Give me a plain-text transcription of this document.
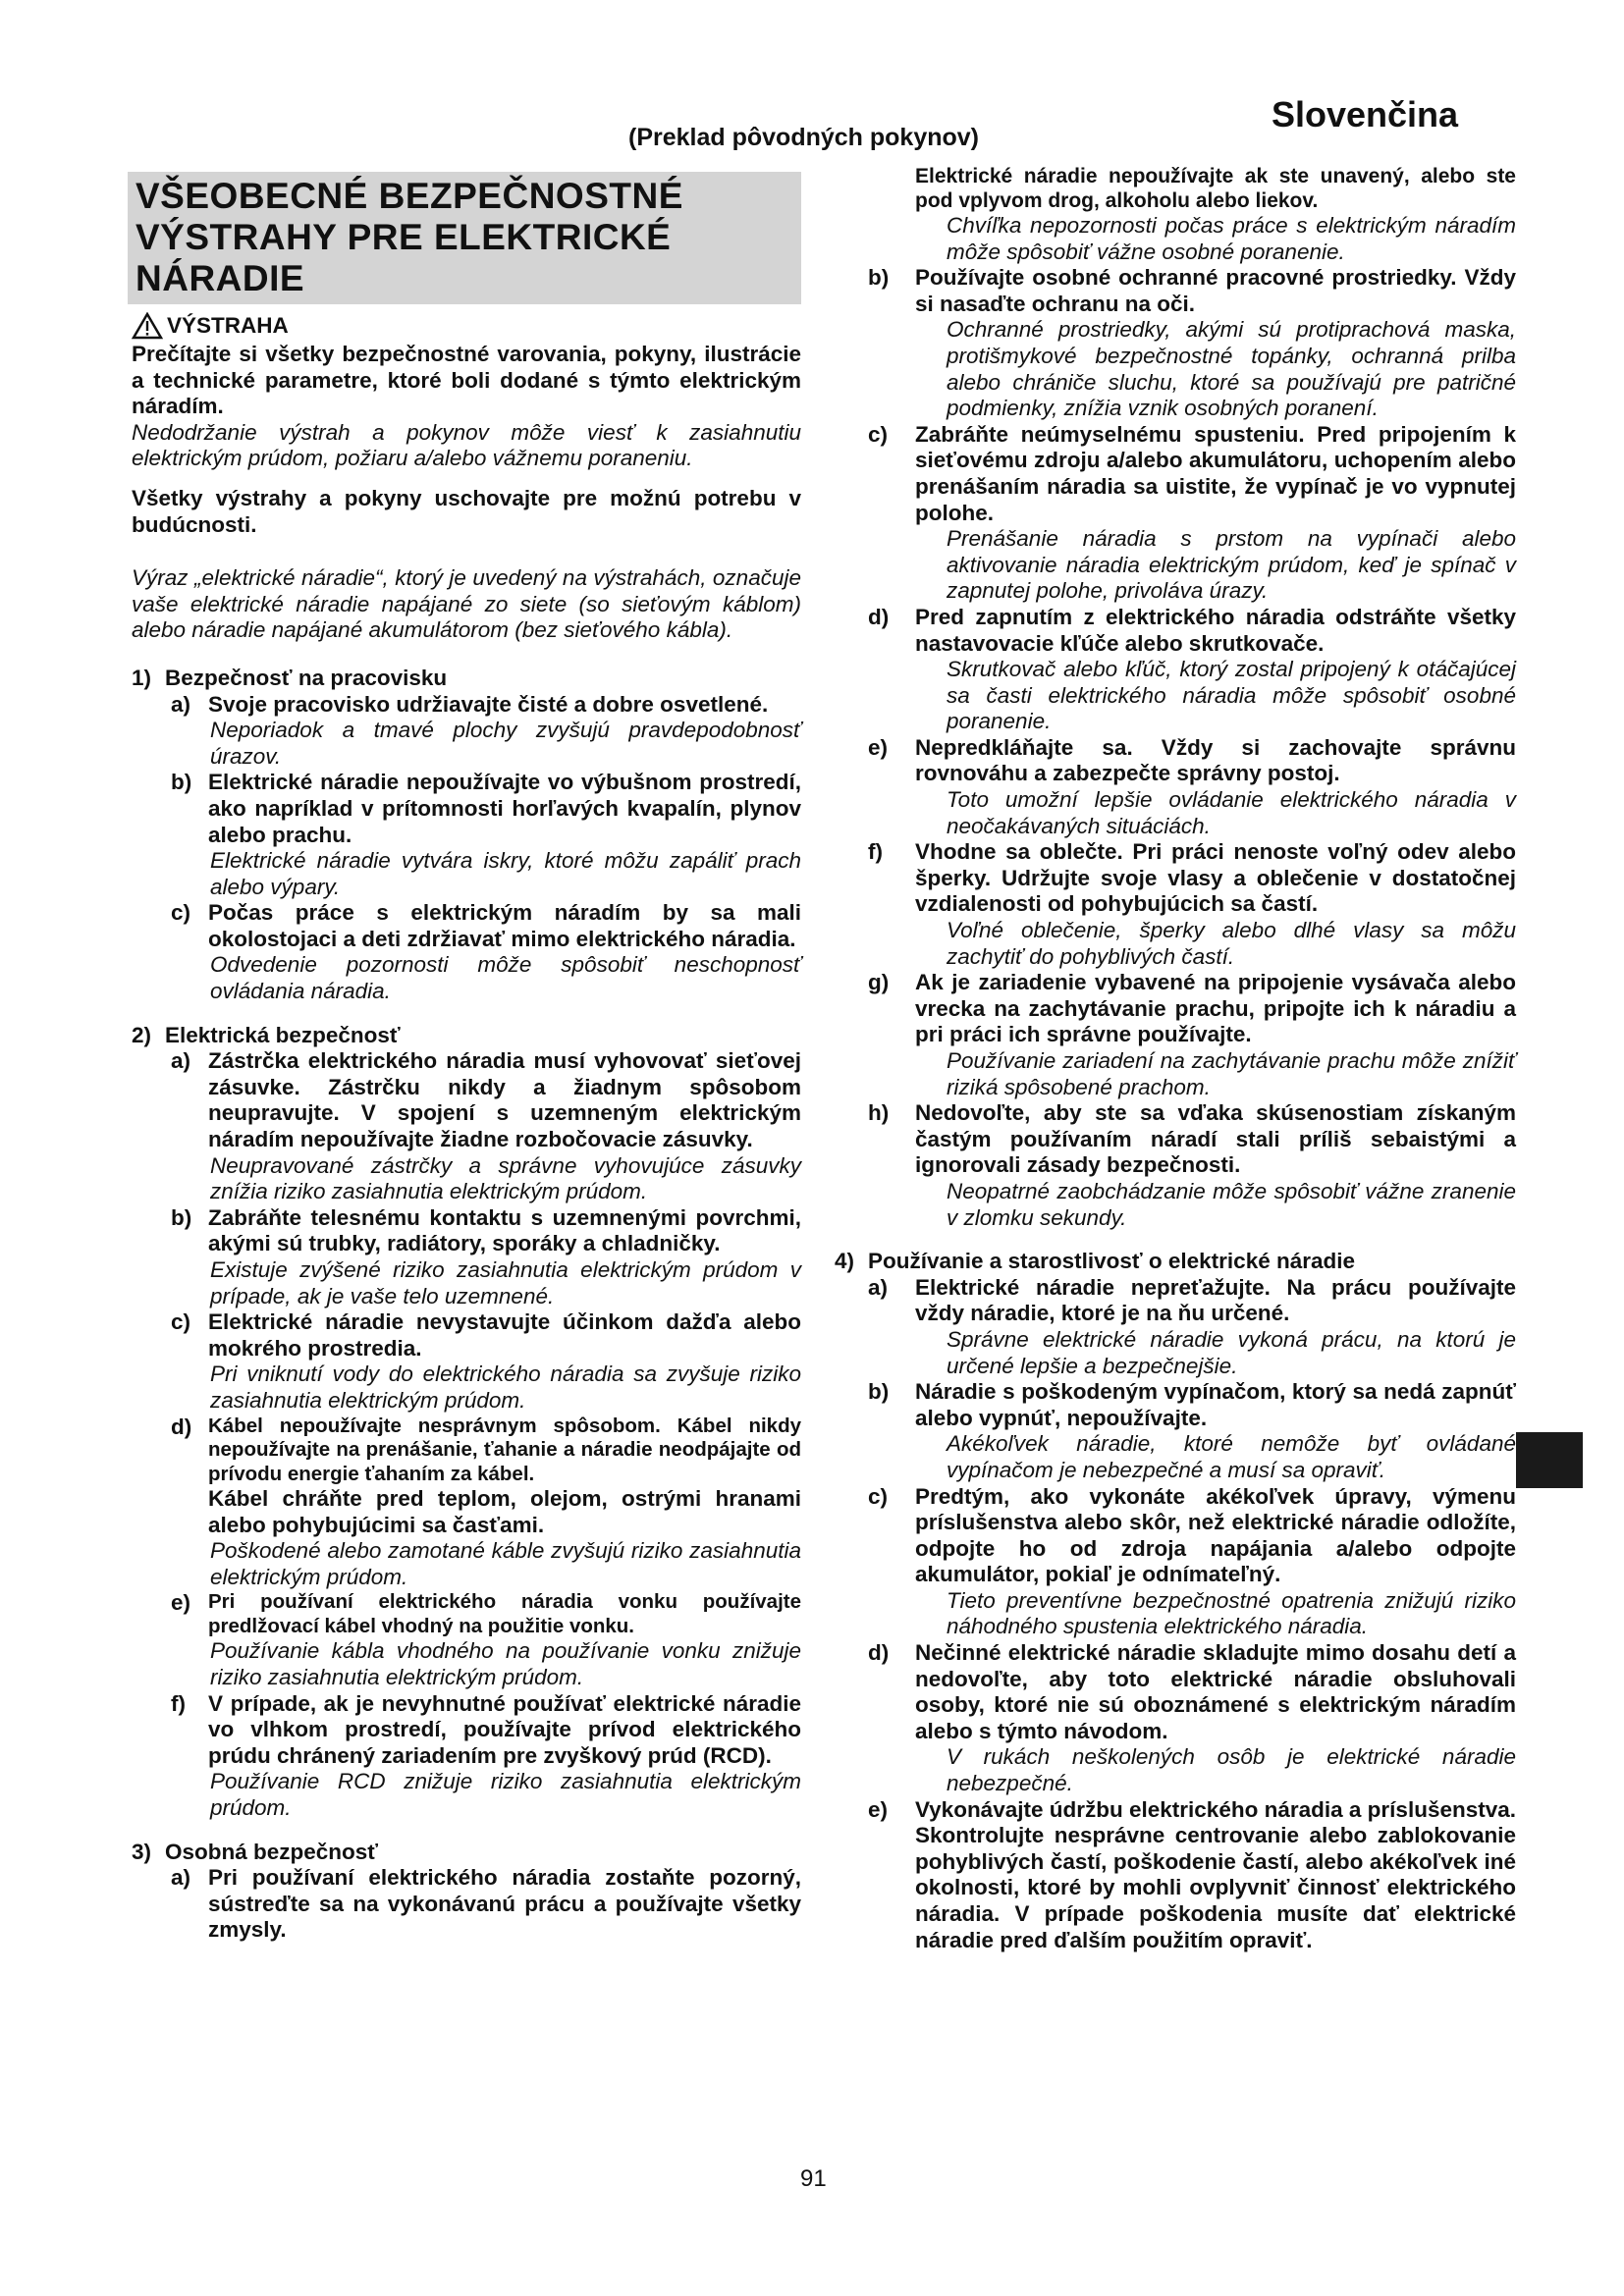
Slovenčina
(Preklad pôvodných pokynov)
VŠEOBECNÉ BEZPEČNOSTNÉ VÝSTRAHY PRE ELEKTRICKÉ NÁRADIE
VÝSTRAHA

Prečítajte si všetky bezpečnostné varovania, pokyny, ilustrácie a technické parametre, ktoré boli dodané s týmto elektrickým náradím.

Nedodržanie výstrah a pokynov môže viesť k zasiahnutiu elektrickým prúdom, požiaru a/alebo vážnemu poraneniu.

Všetky výstrahy a pokyny uschovajte pre možnú potrebu v budúcnosti.

Výraz „elektrické náradie“, ktorý je uvedený na výstrahách, označuje vaše elektrické náradie napájané zo siete (so sieťovým káblom) alebo náradie napájané akumulátorom (bez sieťového kábla).

1) Bezpečnosť na pracovisku
a) Svoje pracovisko udržiavajte čisté a dobre osvetlené.

Neporiadok a tmavé plochy zvyšujú pravdepodobnosť úrazov.

b) Elektrické náradie nepoužívajte vo výbušnom prostredí, ako napríklad v prítomnosti horľavých kvapalín, plynov alebo prachu.

Elektrické náradie vytvára iskry, ktoré môžu zapáliť prach alebo výpary.

c) Počas práce s elektrickým náradím by sa mali okolostojaci a deti zdržiavať mimo elektrického náradia.

Odvedenie pozornosti môže spôsobiť neschopnosť ovládania náradia.

2) Elektrická bezpečnosť
a) Zástrčka elektrického náradia musí vyhovovať sieťovej zásuvke. Zástrčku nikdy a žiadnym spôsobom neupravujte. V spojení s uzemneným elektrickým náradím nepoužívajte žiadne rozbočovacie zásuvky.

Neupravované zástrčky a správne vyhovujúce zásuvky znížia riziko zasiahnutia elektrickým prúdom.

b) Zabráňte telesnému kontaktu s uzemnenými povrchmi, akými sú trubky, radiátory, sporáky a chladničky.

Existuje zvýšené riziko zasiahnutia elektrickým prúdom v prípade, ak je vaše telo uzemnené.

c) Elektrické náradie nevystavujte účinkom dažďa alebo mokrého prostredia.

Pri vniknutí vody do elektrického náradia sa zvyšuje riziko zasiahnutia elektrickým prúdom.

d) Kábel nepoužívajte nesprávnym spôsobom. Kábel nikdy nepoužívajte na prenášanie, ťahanie a náradie neodpájajte od prívodu energie ťahaním za kábel.

Kábel chráňte pred teplom, olejom, ostrými hranami alebo pohybujúcimi sa časťami.

Poškodené alebo zamotané káble zvyšujú riziko zasiahnutia elektrickým prúdom.

e) Pri používaní elektrického náradia vonku používajte predlžovací kábel vhodný na použitie vonku.

Používanie kábla vhodného na používanie vonku znižuje riziko zasiahnutia elektrickým prúdom.

f)	V prípade, ak je nevyhnutné používať elektrické náradie vo vlhkom prostredí, používajte prívod elektrického prúdu chránený zariadením pre zvyškový prúd (RCD).

Používanie RCD znižuje riziko zasiahnutia elektrickým prúdom.

3) Osobná bezpečnosť
a) Pri používaní elektrického náradia zostaňte pozorný, sústreďte sa na vykonávanú prácu a používajte všetky zmysly.

Elektrické náradie nepoužívajte ak ste unavený, alebo ste pod vplyvom drog, alkoholu alebo liekov.

Chvíľka nepozornosti počas práce s elektrickým náradím môže spôsobiť vážne osobné poranenie.

b)	Používajte osobné ochranné pracovné prostriedky. Vždy si nasaďte ochranu na oči.

Ochranné prostriedky, akými sú protiprachová maska, protišmykové bezpečnostné topánky, ochranná prilba alebo chrániče sluchu, ktoré sa používajú pre patričné podmienky, znížia vznik osobných poranení.

c)	Zabráňte neúmyselnému spusteniu. Pred pripojením k sieťovému zdroju a/alebo akumulátoru, uchopením alebo prenášaním náradia sa uistite, že vypínač je vo vypnutej polohe.

Prenášanie náradia s prstom na vypínači alebo aktivovanie náradia elektrickým prúdom, keď je spínač v zapnutej polohe, privoláva úrazy.

d)	Pred zapnutím z elektrického náradia odstráňte všetky nastavovacie kľúče alebo skrutkovače.

Skrutkovač alebo kľúč, ktorý zostal pripojený k otáčajúcej sa časti elektrického náradia môže spôsobiť osobné poranenie.

e)	Nepredkláňajte sa. Vždy si zachovajte správnu rovnováhu a zabezpečte správny postoj.

Toto umožní lepšie ovládanie elektrického náradia v neočakávaných situáciách.

f)	Vhodne sa oblečte. Pri práci nenoste voľný odev alebo šperky. Udržujte svoje vlasy a oblečenie v dostatočnej vzdialenosti od pohybujúcich sa častí.

Voľné oblečenie, šperky alebo dlhé vlasy sa môžu zachytiť do pohyblivých častí.

g)	Ak je zariadenie vybavené na pripojenie vysávača alebo vrecka na zachytávanie prachu, pripojte ich k náradiu a pri práci ich správne používajte.

Používanie zariadení na zachytávanie prachu môže znížiť riziká spôsobené prachom.

h)	Nedovoľte, aby ste sa vďaka skúsenostiam získaným častým používaním náradí stali príliš sebaistými a ignorovali zásady bezpečnosti.

Neopatrné zaobchádzanie môže spôsobiť vážne zranenie v zlomku sekundy.

4) Používanie a starostlivosť o elektrické náradie
a)	Elektrické náradie nepreťažujte. Na prácu používajte vždy náradie, ktoré je na ňu určené.

Správne elektrické náradie vykoná prácu, na ktorú je určené lepšie a bezpečnejšie.

b)	Náradie s poškodeným vypínačom, ktorý sa nedá zapnúť alebo vypnúť, nepoužívajte.

Akékoľvek náradie, ktoré nemôže byť ovládané vypínačom je nebezpečné a musí sa opraviť.

c)	Predtým, ako vykonáte akékoľvek úpravy, výmenu príslušenstva alebo skôr, než elektrické náradie odložíte, odpojte ho od zdroja napájania a/alebo odpojte akumulátor, pokiaľ je odnímateľný.

Tieto preventívne bezpečnostné opatrenia znižujú riziko náhodného spustenia elektrického náradia.

d)	Nečinné elektrické náradie skladujte mimo dosahu detí a nedovoľte, aby toto elektrické náradie obsluhovali osoby, ktoré nie sú oboznámené s elektrickým náradím alebo s týmto návodom.

V rukách neškolených osôb je elektrické náradie nebezpečné.

e)	Vykonávajte údržbu elektrického náradia a príslušenstva. Skontrolujte nesprávne centrovanie alebo zablokovanie pohyblivých častí, poškodenie častí, alebo akékoľvek iné okolnosti, ktoré by mohli ovplyvniť činnosť elektrického náradia. V prípade poškodenia musíte dať elektrické náradie pred ďalším použitím opraviť.

91
